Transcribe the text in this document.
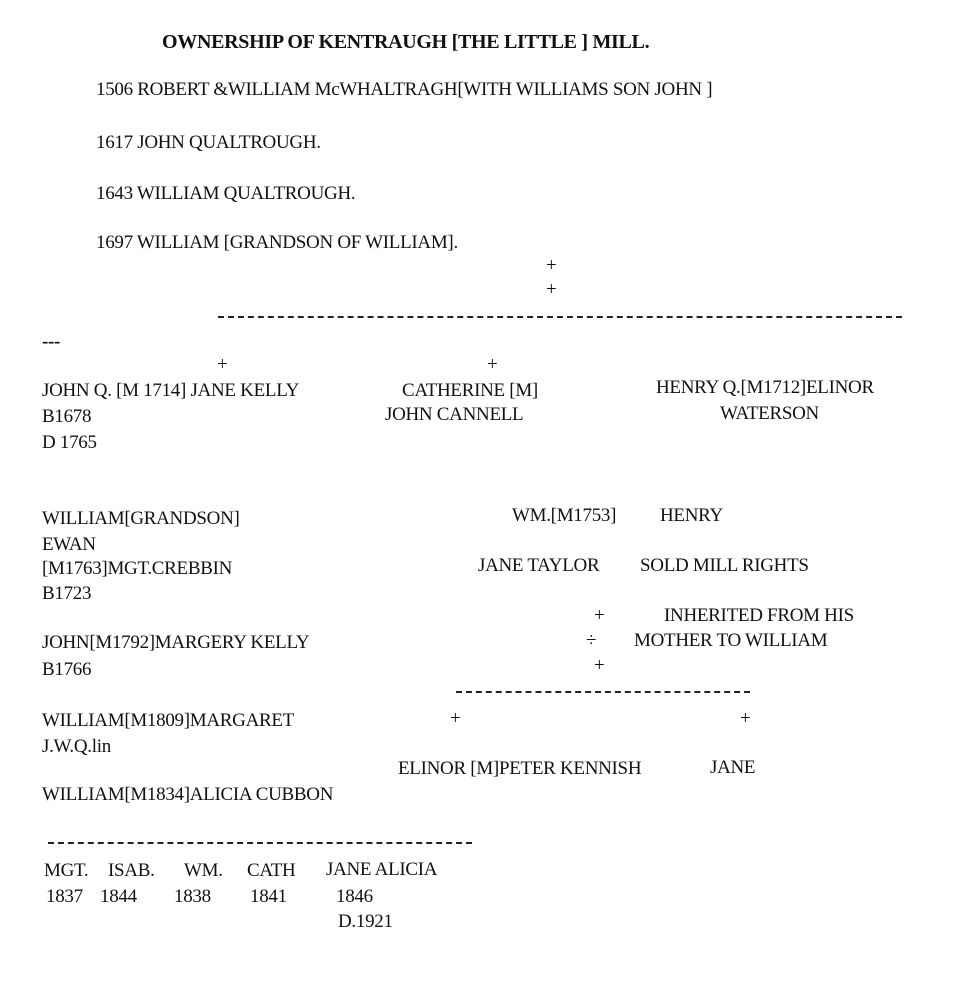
OWNERSHIP OF KENTRAUGH [THE LITTLE ] MILL.
1506 ROBERT &WILLIAM McWHALTRAGH[WITH WILLIAMS SON JOHN ]
1617 JOHN QUALTROUGH.
1643 WILLIAM QUALTROUGH.
1697 WILLIAM [GRANDSON OF WILLIAM].
+
+
---
+	+
JOHN Q. [M 1714] JANE KELLY
B1678
D 1765
CATHERINE [M]
JOHN CANNELL
HENRY Q.[M1712]ELINOR
WATERSON
WILLIAM[GRANDSON]
EWAN
[M1763]MGT.CREBBIN
B1723
JOHN[M1792]MARGERY KELLY
B1766
WILLIAM[M1809]MARGARET
J.W.Q.lin
WILLIAM[M1834]ALICIA CUBBON
MGT.
1837
ISAB.
1844
WM.
1838
CATH
1841
JANE ALICIA
1846
D.1921
WM.[M1753] HENRY
JANE TAYLOR SOLD MILL RIGHTS
+	INHERITED FROM HIS
÷ MOTHER TO WILLIAM
+
+	+
ELINOR [M]PETER KENNISH	JANE
